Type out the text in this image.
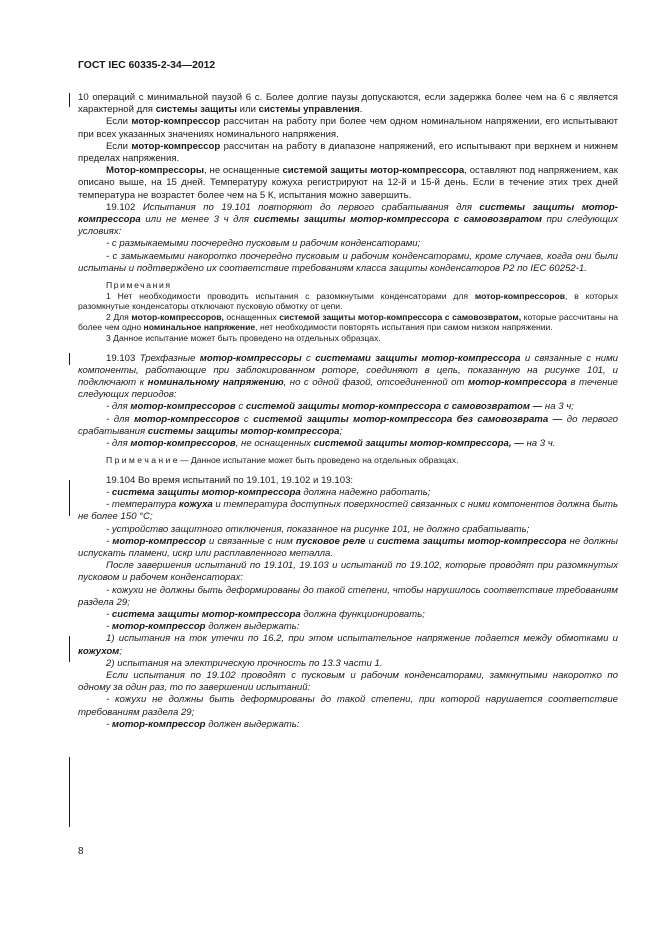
ГОСТ IEC 60335-2-34—2012

10 операций с минимальной паузой 6 с. Более долгие паузы допускаются, если задержка более чем на 6 с является характерной для системы защиты или системы управления.

Если мотор-компрессор рассчитан на работу при более чем одном номинальном напряжении, его испытывают при всех указанных значениях номинального напряжения.

Если мотор-компрессор рассчитан на работу в диапазоне напряжений, его испытывают при верхнем и нижнем пределах напряжения.

Мотор-компрессоры, не оснащенные системой защиты мотор-компрессора, оставляют под напряжением, как описано выше, на 15 дней. Температуру кожуха регистрируют на 12-й и 15-й день. Если в течение этих трех дней температура не возрастет более чем на 5 К, испытания можно завершить.

19.102 Испытания по 19.101 повторяют до первого срабатывания для системы защиты мотор-компрессора или не менее 3 ч для системы защиты мотор-компрессора с самовозвратом при следующих условиях:

- с размыкаемыми поочередно пусковым и рабочим конденсаторами;

- с замыкаемыми накоротко поочередно пусковым и рабочим конденсаторами, кроме случаев, когда они были испытаны и подтверждено их соответствие требованиям класса защиты конденсаторов P2 по IEC 60252-1.

Примечания

1 Нет необходимости проводить испытания с разомкнутыми конденсаторами для мотор-компрессоров, в которых разомкнутые конденсаторы отключают пусковую обмотку от цепи.

2 Для мотор-компрессоров, оснащенных системой защиты мотор-компрессора с самовозвратом, которые рассчитаны на более чем одно номинальное напряжение, нет необходимости повторять испытания при самом низком напряжении.

3 Данное испытание может быть проведено на отдельных образцах.

19.103 Трехфазные мотор-компрессоры с системами защиты мотор-компрессора и связанные с ними компоненты, работающие при заблокированном роторе, соединяют в цепь, показанную на рисунке 101, и подключают к номинальному напряжению, но с одной фазой, отсоединенной от мотор-компрессора в течение следующих периодов:

- для мотор-компрессоров с системой защиты мотор-компрессора с самовозвратом — на 3 ч;

- для мотор-компрессоров с системой защиты мотор-компрессора без самовозврата — до первого срабатывания системы защиты мотор-компрессора;

- для мотор-компрессоров, не оснащенных системой защиты мотор-компрессора, — на 3 ч.

П р и м е ч а н и е — Данное испытание может быть проведено на отдельных образцах.

19.104 Во время испытаний по 19.101, 19.102 и 19.103:

- система защиты мотор-компрессора должна надежно работать;

- температура кожуха и температура доступных поверхностей связанных с ними компонентов должна быть не более 150 °С;

- устройство защитного отключения, показанное на рисунке 101, не должно срабатывать;

- мотор-компрессор и связанные с ним пусковое реле и система защиты мотор-компрессора не должны испускать пламени, искр или расплавленного металла.

После завершения испытаний по 19.101, 19.103 и испытаний по 19.102, которые проводят при разомкнутых пусковом и рабочем конденсаторах:

- кожухи не должны быть деформированы до такой степени, чтобы нарушилось соответствие требованиям раздела 29;

- система защиты мотор-компрессора должна функционировать;

- мотор-компрессор должен выдержать:

1) испытания на ток утечки по 16.2, при этом испытательное напряжение подается между обмотками и кожухом;

2) испытания на электрическую прочность по 13.3 части 1.

Если испытания по 19.102 проводят с пусковым и рабочим конденсаторами, замкнутыми накоротко по одному за один раз, то по завершении испытаний:

- кожухи не должны быть деформированы до такой степени, при которой нарушается соответствие требованиям раздела 29;

- мотор-компрессор должен выдержать:

8
